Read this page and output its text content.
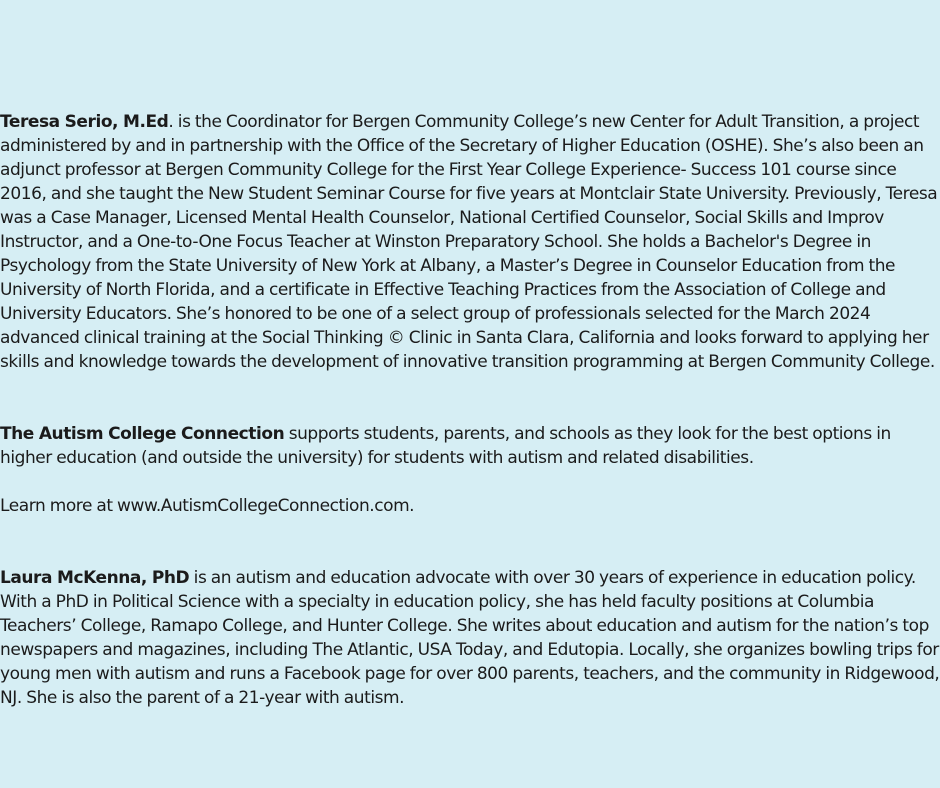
Teresa Serio, M.Ed. is the Coordinator for Bergen Community College’s new Center for Adult Transition, a project administered by and in partnership with the Office of the Secretary of Higher Education (OSHE). She’s also been an adjunct professor at Bergen Community College for the First Year College Experience- Success 101 course since 2016, and she taught the New Student Seminar Course for five years at Montclair State University. Previously, Teresa was a Case Manager, Licensed Mental Health Counselor, National Certified Counselor, Social Skills and Improv Instructor, and a One-to-One Focus Teacher at Winston Preparatory School. She holds a Bachelor's Degree in Psychology from the State University of New York at Albany, a Master’s Degree in Counselor Education from the University of North Florida, and a certificate in Effective Teaching Practices from the Association of College and University Educators. She’s honored to be one of a select group of professionals selected for the March 2024 advanced clinical training at the Social Thinking © Clinic in Santa Clara, California and looks forward to applying her skills and knowledge towards the development of innovative transition programming at Bergen Community College.

The Autism College Connection supports students, parents, and schools as they look for the best options in higher education (and outside the university) for students with autism and related disabilities.

Learn more at www.AutismCollegeConnection.com.

Laura McKenna, PhD is an autism and education advocate with over 30 years of experience in education policy. With a PhD in Political Science with a specialty in education policy, she has held faculty positions at Columbia Teachers’ College, Ramapo College, and Hunter College. She writes about education and autism for the nation’s top newspapers and magazines, including The Atlantic, USA Today, and Edutopia. Locally, she organizes bowling trips for young men with autism and runs a Facebook page for over 800 parents, teachers, and the community in Ridgewood, NJ. She is also the parent of a 21-year with autism.
